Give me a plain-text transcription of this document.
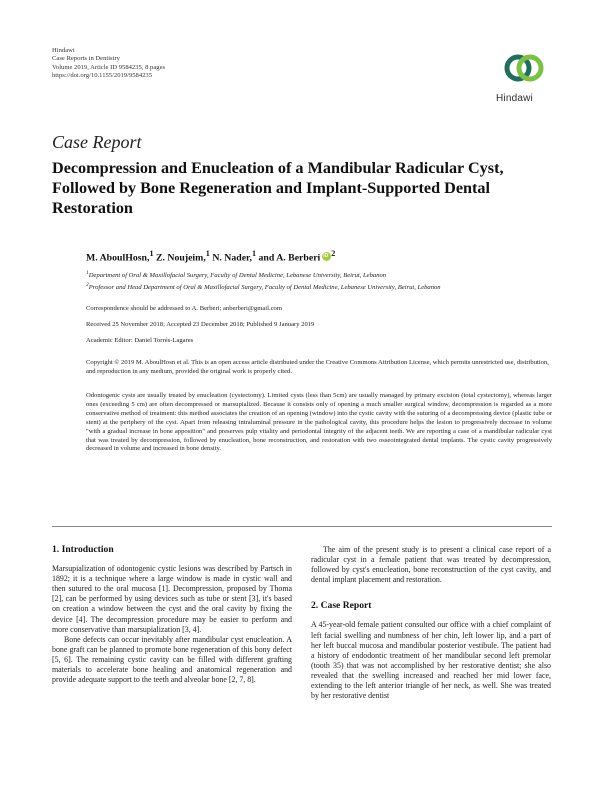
Hindawi
Case Reports in Dentistry
Volume 2019, Article ID 9584235, 8 pages
https://doi.org/10.1155/2019/9584235
Hindawi
Case Report
Decompression and Enucleation of a Mandibular Radicular Cyst, Followed by Bone Regeneration and Implant-Supported Dental Restoration
M. AboulHosn,$^1$ Z. Noujeim,$^1$ N. Nader,$^1$ and A. BerberiiD $^2$
$^1$Department of Oral & Maxillofacial Surgery, Faculty of Dental Medicine, Lebanese University, Beirut, Lebanon
$^2$Professor and Head Department of Oral & Maxillofacial Surgery, Faculty of Dental Medicine, Lebanese University, Beirut, Lebanon
Correspondence should be addressed to A. Berberi; anberberi@gmail.com
Received 25 November 2018; Accepted 23 December 2018; Published 9 January 2019
Academic Editor: Daniel Torrés-Lagares
Copyright © 2019 M. AboulHosn et al. This is an open access article distributed under the Creative Commons Attribution License, which permits unrestricted use, distribution, and reproduction in any medium, provided the original work is properly cited.
Odontogenic cysts are usually treated by enucleation (cystectomy). Limited cysts (less than 5cm) are usually managed by primary excision (total cystectomy), whereas larger ones (exceeding 5 cm) are often decompressed or marsupialized. Because it consists only of opening a much smaller surgical window, decompression is regarded as a more conservative method of treatment: this method associates the creation of an opening (window) into the cystic cavity with the suturing of a decompressing device (plastic tube or stent) at the periphery of the cyst. Apart from releasing intraluminal pressure in the pathological cavity, this procedure helps the lesion to progressively decrease in volume "with a gradual increase in bone apposition" and preserves pulp vitality and periodontal integrity of the adjacent teeth. We are reporting a case of a mandibular radicular cyst that was treated by decompression, followed by enucleation, bone reconstruction, and restoration with two osseointegrated dental implants. The cystic cavity progressively decreased in volume and increased in bone density.
1. Introduction

Marsupialization of odontogenic cystic lesions was described by Partsch in 1892; it is a technique where a large window is made in cystic wall and then sutured to the oral mucosa [1]. Decompression, proposed by Thoma [2], can be performed by using devices such as tube or stent [3], it's based on creation a window between the cyst and the oral cavity by fixing the device [4]. The decompression procedure may be easier to perform and more conservative than marsupialization [3, 4].

Bone defects can occur inevitably after mandibular cyst enucleation. A bone graft can be planned to promote bone regeneration of this bony defect [5, 6]. The remaining cystic cavity can be filled with different grafting materials to accelerate bone healing and anatomical regeneration and provide adequate support to the teeth and alveolar bone [2, 7, 8].

The aim of the present study is to present a clinical case report of a radicular cyst in a female patient that was treated by decompression, followed by cyst's enucleation, bone reconstruction of the cyst cavity, and dental implant placement and restoration.

2. Case Report

A 45-year-old female patient consulted our office with a chief complaint of left facial swelling and numbness of her chin, left lower lip, and a part of her left buccal mucosa and mandibular posterior vestibule. The patient had a history of endodontic treatment of her mandibular second left premolar (tooth 35) that was not accomplished by her restorative dentist; she also revealed that the swelling increased and reached her mid lower face, extending to the left anterior triangle of her neck, as well. She was treated by her restorative dentist
